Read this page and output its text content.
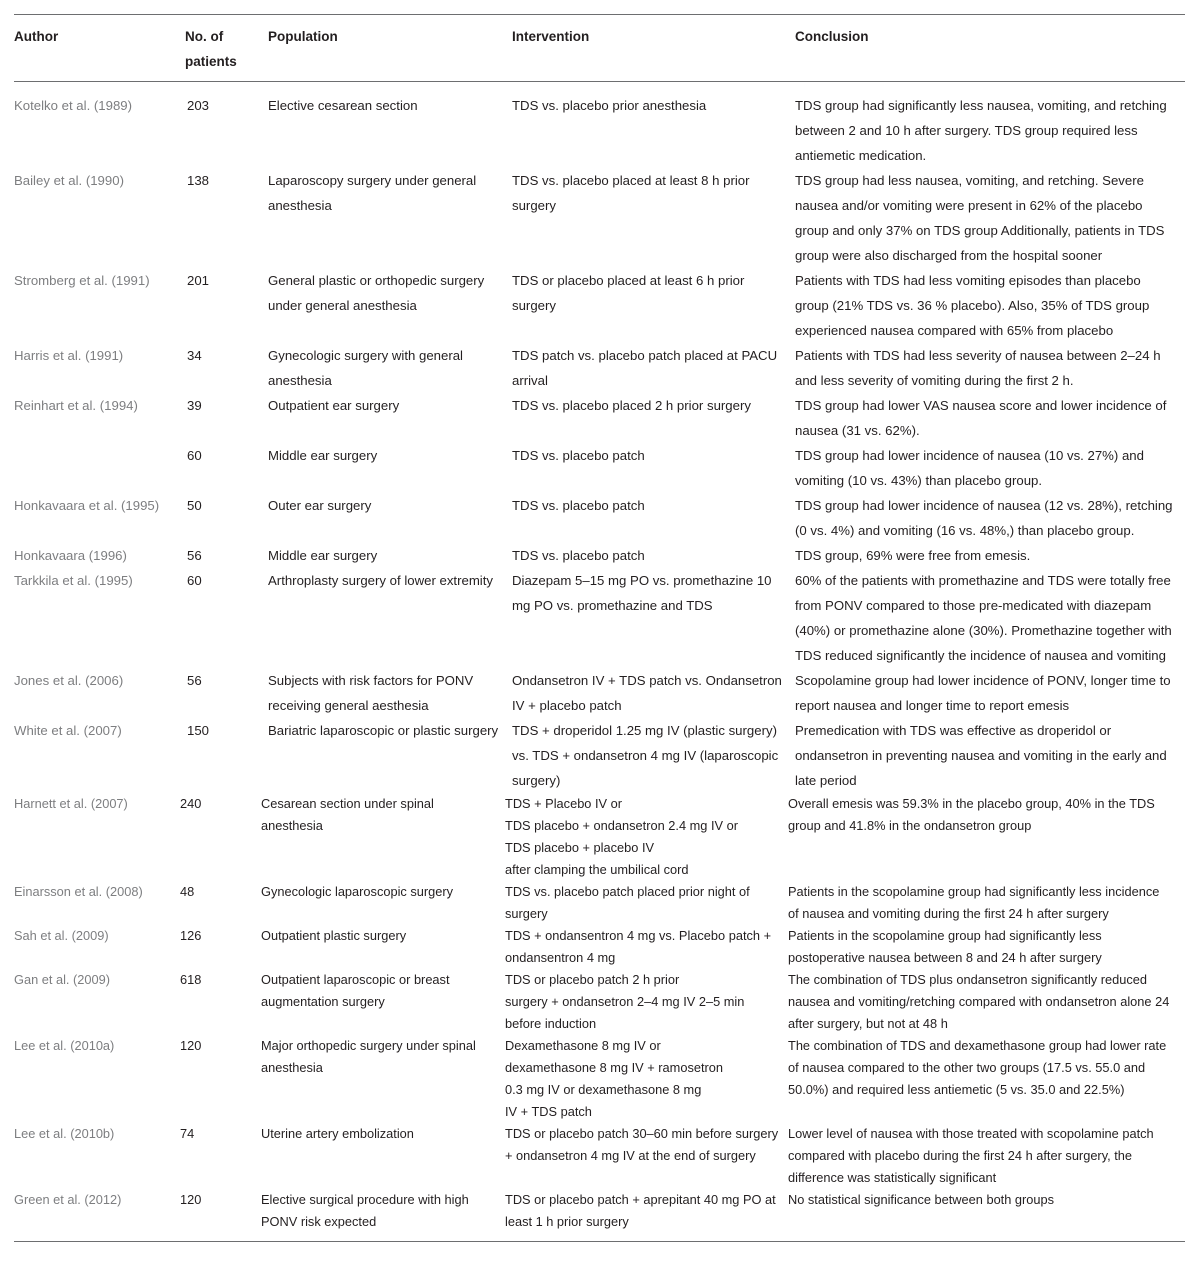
Author	No. of patients	Population	Intervention	Conclusion
Kotelko et al. (1989)	203	Elective cesarean section	TDS vs. placebo prior anesthesia	TDS group had significantly less nausea, vomiting, and retching between 2 and 10 h after surgery. TDS group required less antiemetic medication.
Bailey et al. (1990)	138	Laparoscopy surgery under general anesthesia	TDS vs. placebo placed at least 8 h prior surgery	TDS group had less nausea, vomiting, and retching. Severe nausea and/or vomiting were present in 62% of the placebo group and only 37% on TDS group Additionally, patients in TDS group were also discharged from the hospital sooner
Stromberg et al. (1991)	201	General plastic or orthopedic surgery under general anesthesia	TDS or placebo placed at least 6 h prior surgery	Patients with TDS had less vomiting episodes than placebo group (21% TDS vs. 36 % placebo). Also, 35% of TDS group experienced nausea compared with 65% from placebo
Harris et al. (1991)	34	Gynecologic surgery with general anesthesia	TDS patch vs. placebo patch placed at PACU arrival	Patients with TDS had less severity of nausea between 2–24 h and less severity of vomiting during the first 2 h.
Reinhart et al. (1994)	39	Outpatient ear surgery	TDS vs. placebo placed 2 h prior surgery	TDS group had lower VAS nausea score and lower incidence of nausea (31 vs. 62%).
	60	Middle ear surgery	TDS vs. placebo patch	TDS group had lower incidence of nausea (10 vs. 27%) and vomiting (10 vs. 43%) than placebo group.
Honkavaara et al. (1995)	50	Outer ear surgery	TDS vs. placebo patch	TDS group had lower incidence of nausea (12 vs. 28%), retching (0 vs. 4%) and vomiting (16 vs. 48%,) than placebo group.
Honkavaara (1996)	56	Middle ear surgery	TDS vs. placebo patch	TDS group, 69% were free from emesis.
Tarkkila et al. (1995)	60	Arthroplasty surgery of lower extremity	Diazepam 5–15 mg PO vs. promethazine 10 mg PO vs. promethazine and TDS	60% of the patients with promethazine and TDS were totally free from PONV compared to those pre-medicated with diazepam (40%) or promethazine alone (30%). Promethazine together with TDS reduced significantly the incidence of nausea and vomiting
Jones et al. (2006)	56	Subjects with risk factors for PONV receiving general aesthesia	Ondansetron IV + TDS patch vs. Ondansetron IV + placebo patch	Scopolamine group had lower incidence of PONV, longer time to report nausea and longer time to report emesis
White et al. (2007)	150	Bariatric laparoscopic or plastic surgery	TDS + droperidol 1.25 mg IV (plastic surgery) vs. TDS + ondansetron 4 mg IV (laparoscopic surgery)	Premedication with TDS was effective as droperidol or ondansetron in preventing nausea and vomiting in the early and late period
Harnett et al. (2007)	240	Cesarean section under spinal anesthesia	TDS + Placebo IV or
TDS placebo + ondansetron 2.4 mg IV or
TDS placebo + placebo IV
after clamping the umbilical cord	Overall emesis was 59.3% in the placebo group, 40% in the TDS group and 41.8% in the ondansetron group
Einarsson et al. (2008)	48	Gynecologic laparoscopic surgery	TDS vs. placebo patch placed prior night of surgery	Patients in the scopolamine group had significantly less incidence of nausea and vomiting during the first 24 h after surgery
Sah et al. (2009)	126	Outpatient plastic surgery	TDS + ondansentron 4 mg vs. Placebo patch + ondansentron 4 mg	Patients in the scopolamine group had significantly less postoperative nausea between 8 and 24 h after surgery
Gan et al. (2009)	618	Outpatient laparoscopic or breast augmentation surgery	TDS or placebo patch 2 h prior
surgery + ondansetron 2–4 mg IV 2–5 min
before induction	The combination of TDS plus ondansetron significantly reduced nausea and vomiting/retching compared with ondansetron alone 24 after surgery, but not at 48 h
Lee et al. (2010a)	120	Major orthopedic surgery under spinal anesthesia	Dexamethasone 8 mg IV or
dexamethasone 8 mg IV + ramosetron
0.3 mg IV or dexamethasone 8 mg
IV + TDS patch	The combination of TDS and dexamethasone group had lower rate of nausea compared to the other two groups (17.5 vs. 55.0 and 50.0%) and required less antiemetic (5 vs. 35.0 and 22.5%)
Lee et al. (2010b)	74	Uterine artery embolization	TDS or placebo patch 30–60 min before surgery + ondansetron 4 mg IV at the end of surgery	Lower level of nausea with those treated with scopolamine patch compared with placebo during the first 24 h after surgery, the difference was statistically significant
Green et al. (2012)	120	Elective surgical procedure with high PONV risk expected	TDS or placebo patch + aprepitant 40 mg PO at least 1 h prior surgery	No statistical significance between both groups
